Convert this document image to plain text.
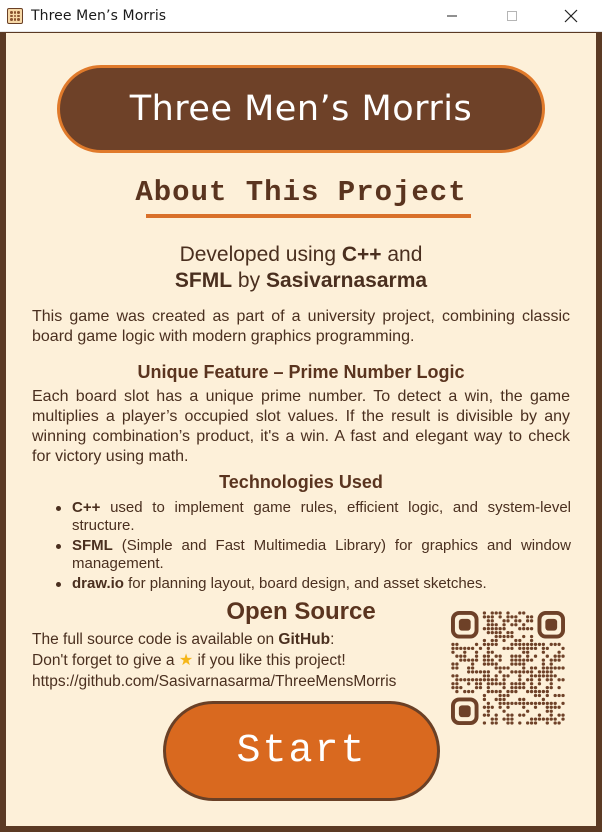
Three Men’s Morris
Three Men’s Morris
About This Project
Developed using C++ and
SFML by Sasivarnasarma
This game was created as part of a university project, combining classic board game logic with modern graphics programming.
Unique Feature – Prime Number Logic
Each board slot has a unique prime number. To detect a win, the game multiplies a player’s occupied slot values. If the result is divisible by any winning combination’s product, it's a win. A fast and elegant way to check for victory using math.
Technologies Used
C++ used to implement game rules, efficient logic, and system-level structure.
SFML (Simple and Fast Multimedia Library) for graphics and window management.
draw.io for planning layout, board design, and asset sketches.
Open Source
The full source code is available on GitHub:
Don't forget to give a ★ if you like this project!
https://github.com/Sasivarnasarma/ThreeMensMorris
Start
